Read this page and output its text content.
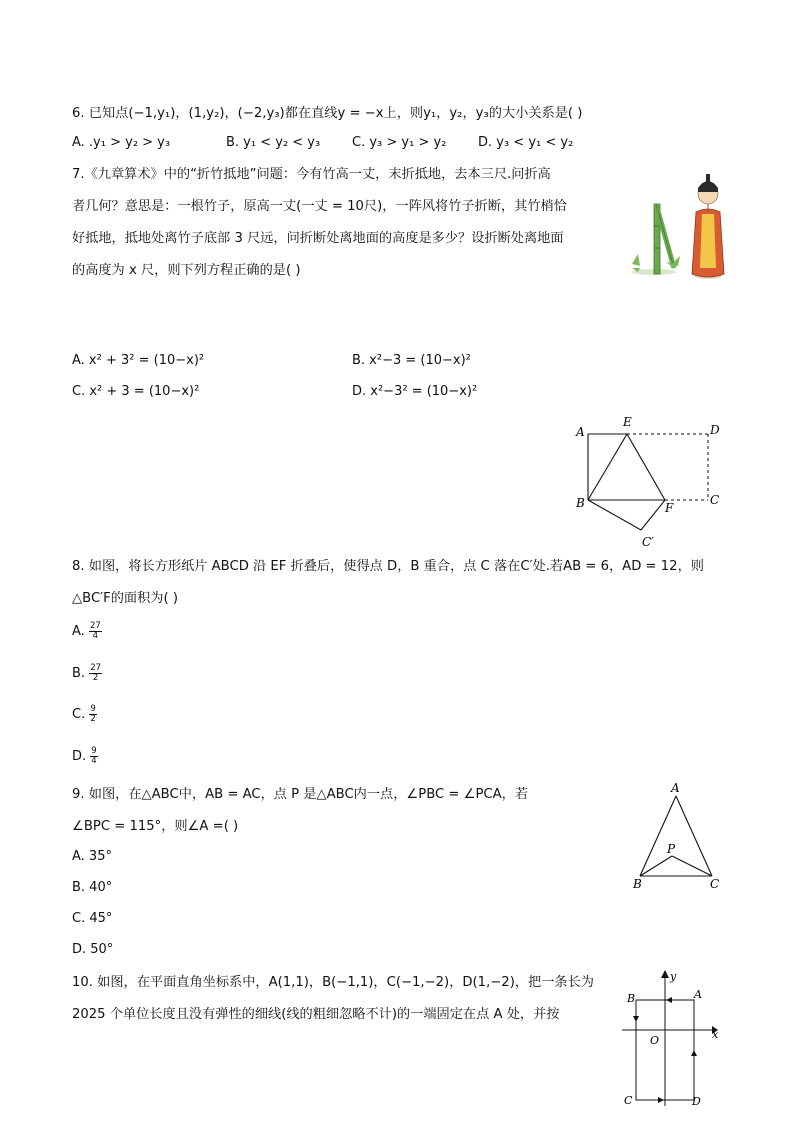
6. 已知点(−1,y₁)，(1,y₂)，(−2,y₃)都在直线y = −x上，则y₁，y₂，y₃的大小关系是( )
A. .y₁ > y₂ > y₃	B. y₁ < y₂ < y₃ C. y₃ > y₁ > y₂ D. y₃ < y₁ < y₂
7.《九章算术》中的“折竹抵地”问题：今有竹高一丈，末折抵地，去本三尺.问折高
者几何？意思是：一根竹子，原高一丈(一丈 = 10尺)，一阵风将竹子折断，其竹梢恰
好抵地，抵地处离竹子底部 3 尺远，问折断处离地面的高度是多少？设折断处离地面
的高度为 x 尺，则下列方程正确的是( )
A. x² + 3² = (10−x)²	B. x²−3 = (10−x)²
C. x² + 3 = (10−x)²	D. x²−3² = (10−x)²
A
E
D
B	F
C
C′
8. 如图，将长方形纸片 ABCD 沿 EF 折叠后，使得点 D，B 重合，点 C 落在C′处.若AB = 6，AD = 12，则
△BC′F的面积为( )
A. $\frac{27}{4}$
B. $\frac{27}{2}$
C. $\frac{9}{2}$
D. $\frac{9}{4}$
A
P
B	C
9. 如图，在△ABC中，AB = AC，点 P 是△ABC内一点，∠PBC = ∠PCA，若
∠BPC = 115°，则∠A =( )
A. 35°
B. 40°
C. 45°
D. 50°
10. 如图，在平面直角坐标系中，A(1,1)，B(−1,1)，C(−1,−2)，D(1,−2)，把一条长为
2025 个单位长度且没有弹性的细线(线的粗细忽略不计)的一端固定在点 A 处，并按
y
x
O
A
B
C	D
